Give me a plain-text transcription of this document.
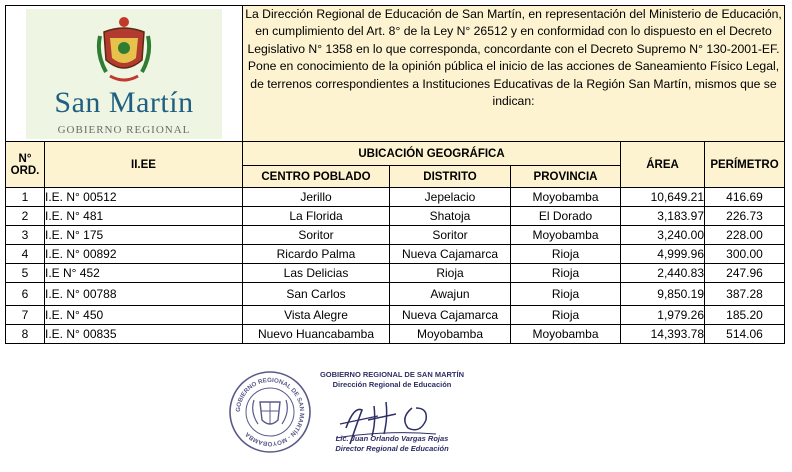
San Martín
GOBIERNO REGIONAL		La Dirección Regional de Educación de San Martín, en representación del Ministerio de Educación, en cumplimiento del Art. 8° de la Ley N° 26512 y en conformidad con lo dispuesto en el Decreto Legislativo N° 1358 en lo que corresponda, concordante con el Decreto Supremo N° 130-2001-EF. Pone en conocimiento de la opinión pública el inicio de las acciones de Saneamiento Físico Legal, de terrenos correspondientes a Instituciones Educativas de la Región San Martín, mismos que se indican:				
N° ORD.	II.EE	UBICACIÓN GEOGRÁFICA			ÁREA	PERÍMETRO
		CENTRO POBLADO	DISTRITO	PROVINCIA		
1	I.E. N° 00512	Jerillo	Jepelacio	Moyobamba	10,649.21	416.69
2	I.E. N° 481	La Florida	Shatoja	El Dorado	3,183.97	226.73
3	I.E. N° 175	Soritor	Soritor	Moyobamba	3,240.00	228.00
4	I.E. N° 00892	Ricardo Palma	Nueva Cajamarca	Rioja	4,999.96	300.00
5	I.E N° 452	Las Delicias	Rioja	Rioja	2,440.83	247.96
6	I.E. N° 00788	San Carlos	Awajun	Rioja	9,850.19	387.28
7	I.E. N° 450	Vista Alegre	Nueva Cajamarca	Rioja	1,979.26	185.20
8	I.E. N° 00835	Nuevo Huancabamba	Moyobamba	Moyobamba	14,393.78	514.06
GOBIERNO REGIONAL DE SAN MARTÍN - MOYOBAMBA
GOBIERNO REGIONAL DE SAN MARTÍN
Dirección Regional de Educación
Lic. Juan Orlando Vargas Rojas
Director Regional de Educación
